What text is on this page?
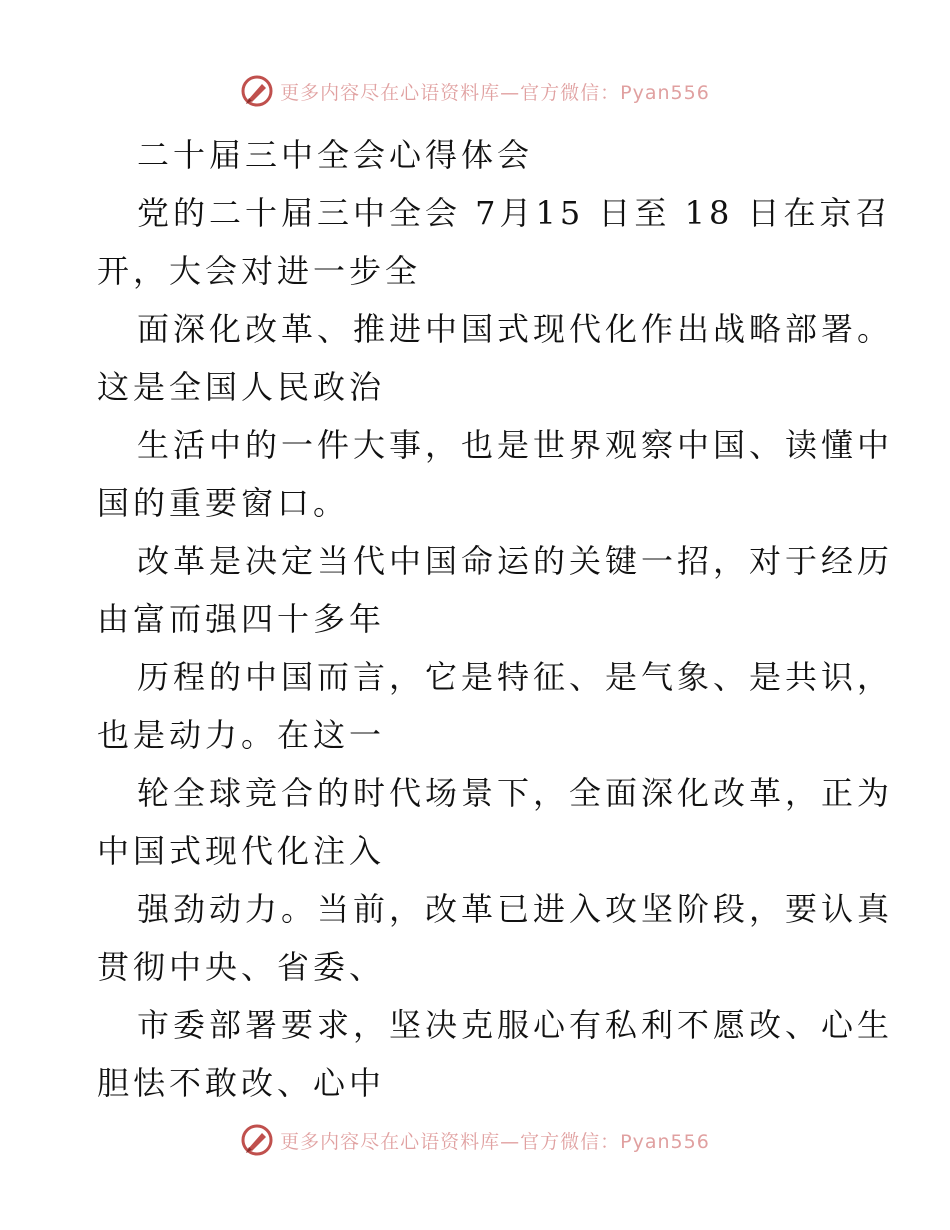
更多内容尽在心语资料库—官方微信：Pyan556
二十届三中全会心得体会
党的二十届三中全会 7月15 日至 18 日在京召
开，大会对进一步全
面深化改革、推进中国式现代化作出战略部署。
这是全国人民政治
生活中的一件大事，也是世界观察中国、读懂中
国的重要窗口。
改革是决定当代中国命运的关键一招，对于经历
由富而强四十多年
历程的中国而言，它是特征、是气象、是共识，
也是动力。在这一
轮全球竞合的时代场景下，全面深化改革，正为
中国式现代化注入
强劲动力。当前，改革已进入攻坚阶段，要认真
贯彻中央、省委、
市委部署要求，坚决克服心有私利不愿改、心生
胆怯不敢改、心中
更多内容尽在心语资料库—官方微信：Pyan556
